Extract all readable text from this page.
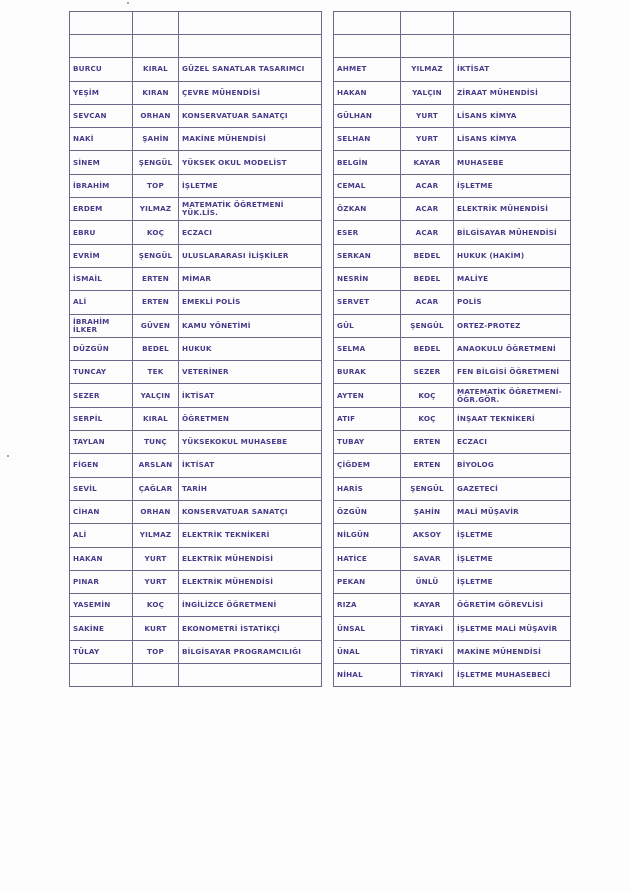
BURCU	KIRAL	GÜZEL SANATLAR TASARIMCI
YEŞİM	KIRAN	ÇEVRE MÜHENDİSİ
SEVCAN	ORHAN	KONSERVATUAR SANATÇI
NAKİ	ŞAHİN	MAKİNE MÜHENDİSİ
SİNEM	ŞENGÜL	YÜKSEK OKUL MODELİST
İBRAHİM	TOP	İŞLETME
ERDEM	YILMAZ	MATEMATİK ÖĞRETMENİ YÜK.LİS.
EBRU	KOÇ	ECZACI
EVRİM	ŞENGÜL	ULUSLARARASI İLİŞKİLER
İSMAİL	ERTEN	MİMAR
ALİ	ERTEN	EMEKLİ POLİS
İBRAHİM İLKER	GÜVEN	KAMU YÖNETİMİ
DÜZGÜN	BEDEL	HUKUK
TUNCAY	TEK	VETERİNER
SEZER	YALÇIN	İKTİSAT
SERPİL	KIRAL	ÖĞRETMEN
TAYLAN	TUNÇ	YÜKSEKOKUL MUHASEBE
FİGEN	ARSLAN	İKTİSAT
SEVİL	ÇAĞLAR	TARİH
CİHAN	ORHAN	KONSERVATUAR SANATÇI
ALİ	YILMAZ	ELEKTRİK TEKNİKERİ
HAKAN	YURT	ELEKTRİK MÜHENDİSİ
PINAR	YURT	ELEKTRİK MÜHENDİSİ
YASEMİN	KOÇ	İNGİLİZCE ÖĞRETMENİ
SAKİNE	KURT	EKONOMETRİ İSTATİKÇİ
TÜLAY	TOP	BİLGİSAYAR PROGRAMCILIĞI

AHMET	YILMAZ	İKTİSAT
HAKAN	YALÇIN	ZİRAAT MÜHENDİSİ
GÜLHAN	YURT	LİSANS KİMYA
SELHAN	YURT	LİSANS KİMYA
BELGİN	KAYAR	MUHASEBE
CEMAL	ACAR	İŞLETME
ÖZKAN	ACAR	ELEKTRİK MÜHENDİSİ
ESER	ACAR	BİLGİSAYAR MÜHENDİSİ
SERKAN	BEDEL	HUKUK (HAKİM)
NESRİN	BEDEL	MALİYE
SERVET	ACAR	POLİS
GÜL	ŞENGÜL	ORTEZ-PROTEZ
SELMA	BEDEL	ANAOKULU ÖĞRETMENİ
BURAK	SEZER	FEN BİLGİSİ ÖĞRETMENİ
AYTEN	KOÇ	MATEMATİK ÖĞRETMENİ-ÖĞR.GÖR.
ATIF	KOÇ	İNŞAAT TEKNİKERİ
TUBAY	ERTEN	ECZACI
ÇİĞDEM	ERTEN	BİYOLOG
HARİS	ŞENGÜL	GAZETECİ
ÖZGÜN	ŞAHİN	MALİ MÜŞAVİR
NİLGÜN	AKSOY	İŞLETME
HATİCE	SAVAR	İŞLETME
PEKAN	ÜNLÜ	İŞLETME
RIZA	KAYAR	ÖĞRETİM GÖREVLİSİ
ÜNSAL	TİRYAKİ	İŞLETME MALİ MÜŞAVİR
ÜNAL	TİRYAKİ	MAKİNE MÜHENDİSİ
NİHAL	TİRYAKİ	İŞLETME MUHASEBECİ
